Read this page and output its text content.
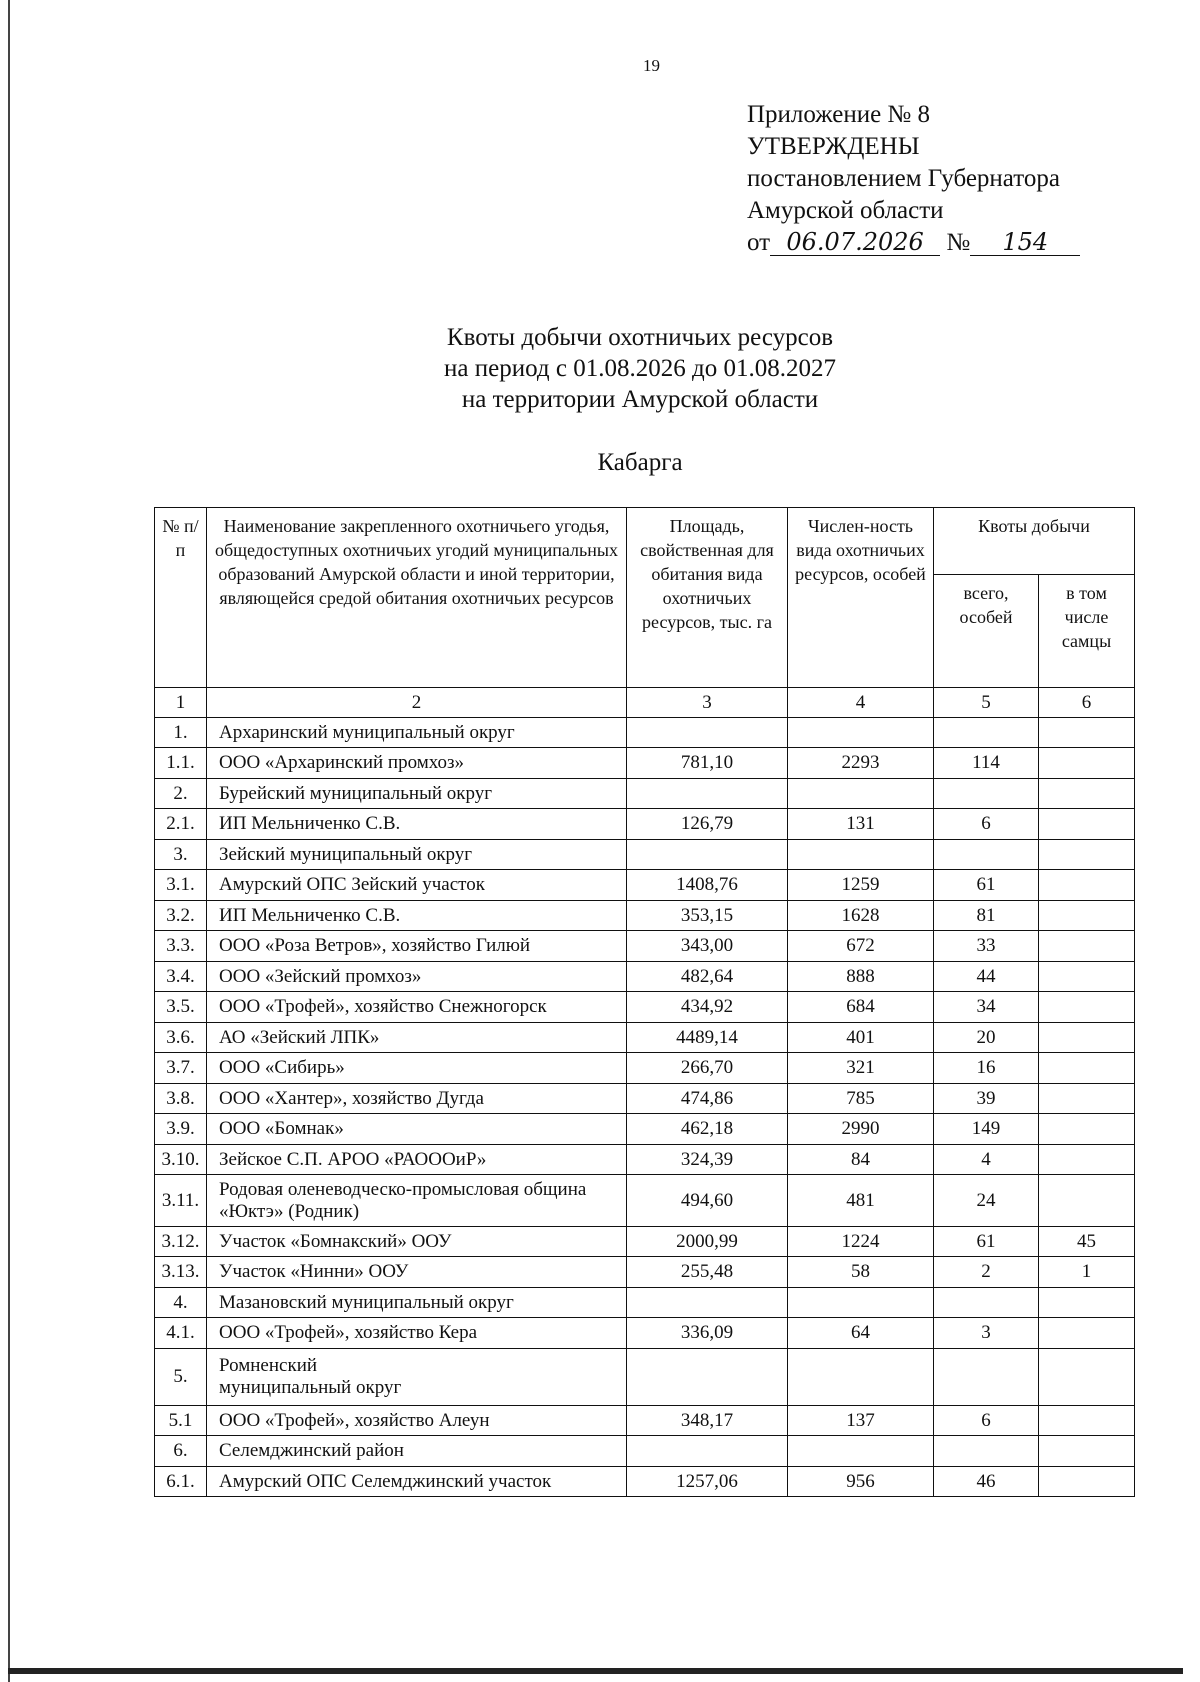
19
Приложение № 8
УТВЕРЖДЕНЫ
постановлением Губернатора
Амурской области
от 06.07.2026 № 154
Квоты добычи охотничьих ресурсов
на период с 01.08.2026 до 01.08.2027
на территории Амурской области
Кабарга
№ п/п	Наименование закрепленного охотничьего угодья, общедоступных охотничьих угодий муниципальных образований Амурской области и иной территории, являющейся средой обитания охотничьих ресурсов	Площадь, свойственная для обитания вида охотничьих ресурсов, тыс. га	Числен-ность вида охотничьих ресурсов, особей	Квоты добычи	
				всего, особей	в том числе самцы
1	2	3	4	5	6
1.	Архаринский муниципальный округ				
1.1.	ООО «Архаринский промхоз»	781,10	2293	114	
2.	Бурейский муниципальный округ				
2.1.	ИП Мельниченко С.В.	126,79	131	6	
3.	Зейский муниципальный округ				
3.1.	Амурский ОПС Зейский участок	1408,76	1259	61	
3.2.	ИП Мельниченко С.В.	353,15	1628	81	
3.3.	ООО «Роза Ветров», хозяйство Гилюй	343,00	672	33	
3.4.	ООО «Зейский промхоз»	482,64	888	44	
3.5.	ООО «Трофей», хозяйство Снежногорск	434,92	684	34	
3.6.	АО «Зейский ЛПК»	4489,14	401	20	
3.7.	ООО «Сибирь»	266,70	321	16	
3.8.	ООО «Хантер», хозяйство Дугда	474,86	785	39	
3.9.	ООО «Бомнак»	462,18	2990	149	
3.10.	Зейское С.П. АРОО «РАОООиР»	324,39	84	4	
3.11.	Родовая оленеводческо-промысловая община «Юктэ» (Родник)	494,60	481	24	
3.12.	Участок «Бомнакский» ООУ	2000,99	1224	61	45
3.13.	Участок «Нинни» ООУ	255,48	58	2	1
4.	Мазановский муниципальный округ				
4.1.	ООО «Трофей», хозяйство Кера	336,09	64	3	
5.	Ромненский муниципальный округ				
5.1	ООО «Трофей», хозяйство Алеун	348,17	137	6	
6.	Селемджинский район				
6.1.	Амурский ОПС Селемджинский участок	1257,06	956	46	
